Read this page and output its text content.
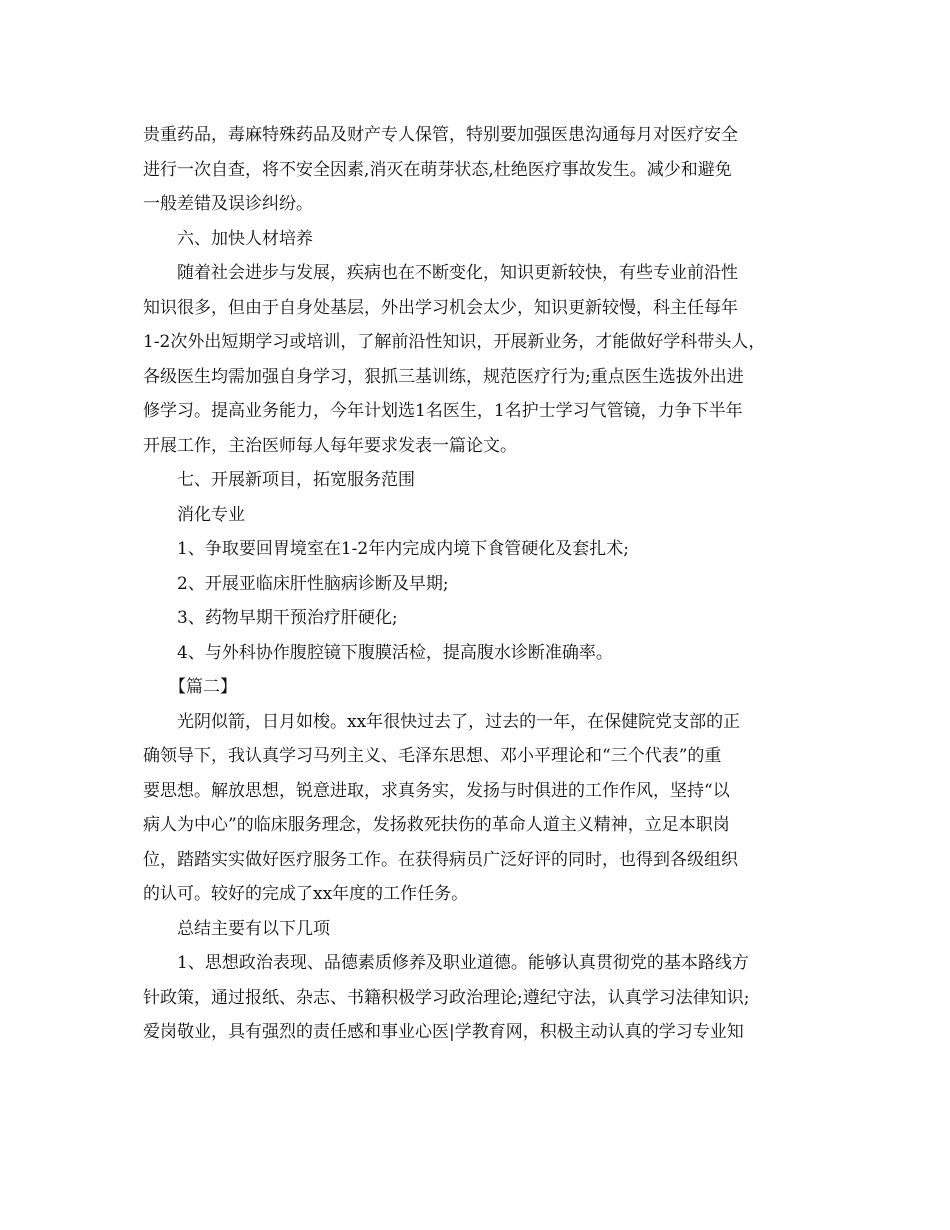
贵重药品，毒麻特殊药品及财产专人保管，特别要加强医患沟通每月对医疗安全

进行一次自查，将不安全因素,消灭在萌芽状态,杜绝医疗事故发生。减少和避免

一般差错及误诊纠纷。

六、加快人材培养

随着社会进步与发展，疾病也在不断变化，知识更新较快，有些专业前沿性

知识很多，但由于自身处基层，外出学习机会太少，知识更新较慢，科主任每年

1-2次外出短期学习或培训，了解前沿性知识，开展新业务，才能做好学科带头人，

各级医生均需加强自身学习，狠抓三基训练，规范医疗行为;重点医生选拔外出进

修学习。提高业务能力，今年计划选1名医生，1名护士学习气管镜，力争下半年

开展工作，主治医师每人每年要求发表一篇论文。

七、开展新项目，拓宽服务范围

消化专业

1、争取要回胃境室在1-2年内完成内境下食管硬化及套扎术;

2、开展亚临床肝性脑病诊断及早期;

3、药物早期干预治疗肝硬化;

4、与外科协作腹腔镜下腹膜活检，提高腹水诊断准确率。

【篇二】

光阴似箭，日月如梭。xx年很快过去了，过去的一年，在保健院党支部的正

确领导下，我认真学习马列主义、毛泽东思想、邓小平理论和“三个代表”的重

要思想。解放思想，锐意进取，求真务实，发扬与时俱进的工作作风，坚持“以

病人为中心”的临床服务理念，发扬救死扶伤的革命人道主义精神，立足本职岗

位，踏踏实实做好医疗服务工作。在获得病员广泛好评的同时，也得到各级组织

的认可。较好的完成了xx年度的工作任务。

总结主要有以下几项

1、思想政治表现、品德素质修养及职业道德。能够认真贯彻党的基本路线方

针政策，通过报纸、杂志、书籍积极学习政治理论;遵纪守法，认真学习法律知识;

爱岗敬业，具有强烈的责任感和事业心医|学教育网，积极主动认真的学习专业知
